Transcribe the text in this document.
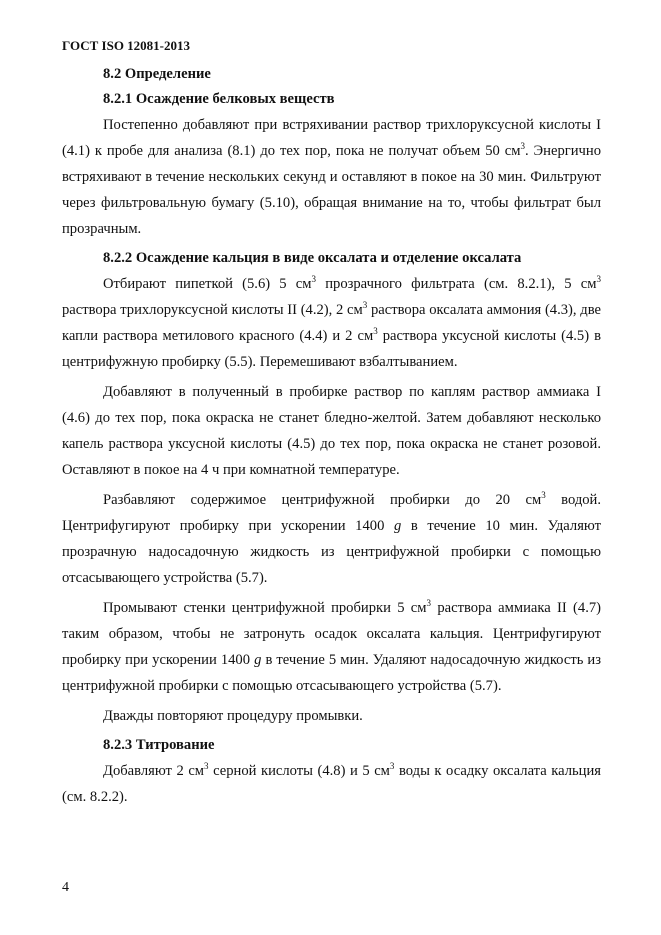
ГОСТ ISO 12081-2013

8.2 Определение

8.2.1 Осаждение белковых веществ

Постепенно добавляют при встряхивании раствор трихлоруксусной кислоты I (4.1) к пробе для анализа (8.1) до тех пор, пока не получат объем 50 $см^3$. Энергично встряхивают в течение нескольких секунд и оставляют в покое на 30 мин. Фильтруют через фильтровальную бумагу (5.10), обращая внимание на то, чтобы фильтрат был прозрачным.

8.2.2 Осаждение кальция в виде оксалата и отделение оксалата

Отбирают пипеткой (5.6) 5 $см^3$ прозрачного фильтрата (см. 8.2.1), 5 $см^3$ раствора трихлоруксусной кислоты II (4.2), 2 $см^3$ раствора оксалата аммония (4.3), две капли раствора метилового красного (4.4) и 2 $см^3$ раствора уксусной кислоты (4.5) в центрифужную пробирку (5.5). Перемешивают взбалтыванием.

Добавляют в полученный в пробирке раствор по каплям раствор аммиака I (4.6) до тех пор, пока окраска не станет бледно-желтой. Затем добавляют несколько капель раствора уксусной кислоты (4.5) до тех пор, пока окраска не станет розовой. Оставляют в покое на 4 ч при комнатной температуре.

Разбавляют содержимое центрифужной пробирки до 20 $см^3$ водой. Центрифугируют пробирку при ускорении 1400 g в течение 10 мин. Удаляют прозрачную надосадочную жидкость из центрифужной пробирки с помощью отсасывающего устройства (5.7).

Промывают стенки центрифужной пробирки 5 $см^3$ раствора аммиака II (4.7) таким образом, чтобы не затронуть осадок оксалата кальция. Центрифугируют пробирку при ускорении 1400 g в течение 5 мин. Удаляют надосадочную жидкость из центрифужной пробирки с помощью отсасывающего устройства (5.7).

Дважды повторяют процедуру промывки.

8.2.3 Титрование

Добавляют 2 $см^3$ серной кислоты (4.8) и 5 $см^3$ воды к осадку оксалата кальция (см. 8.2.2).

4
